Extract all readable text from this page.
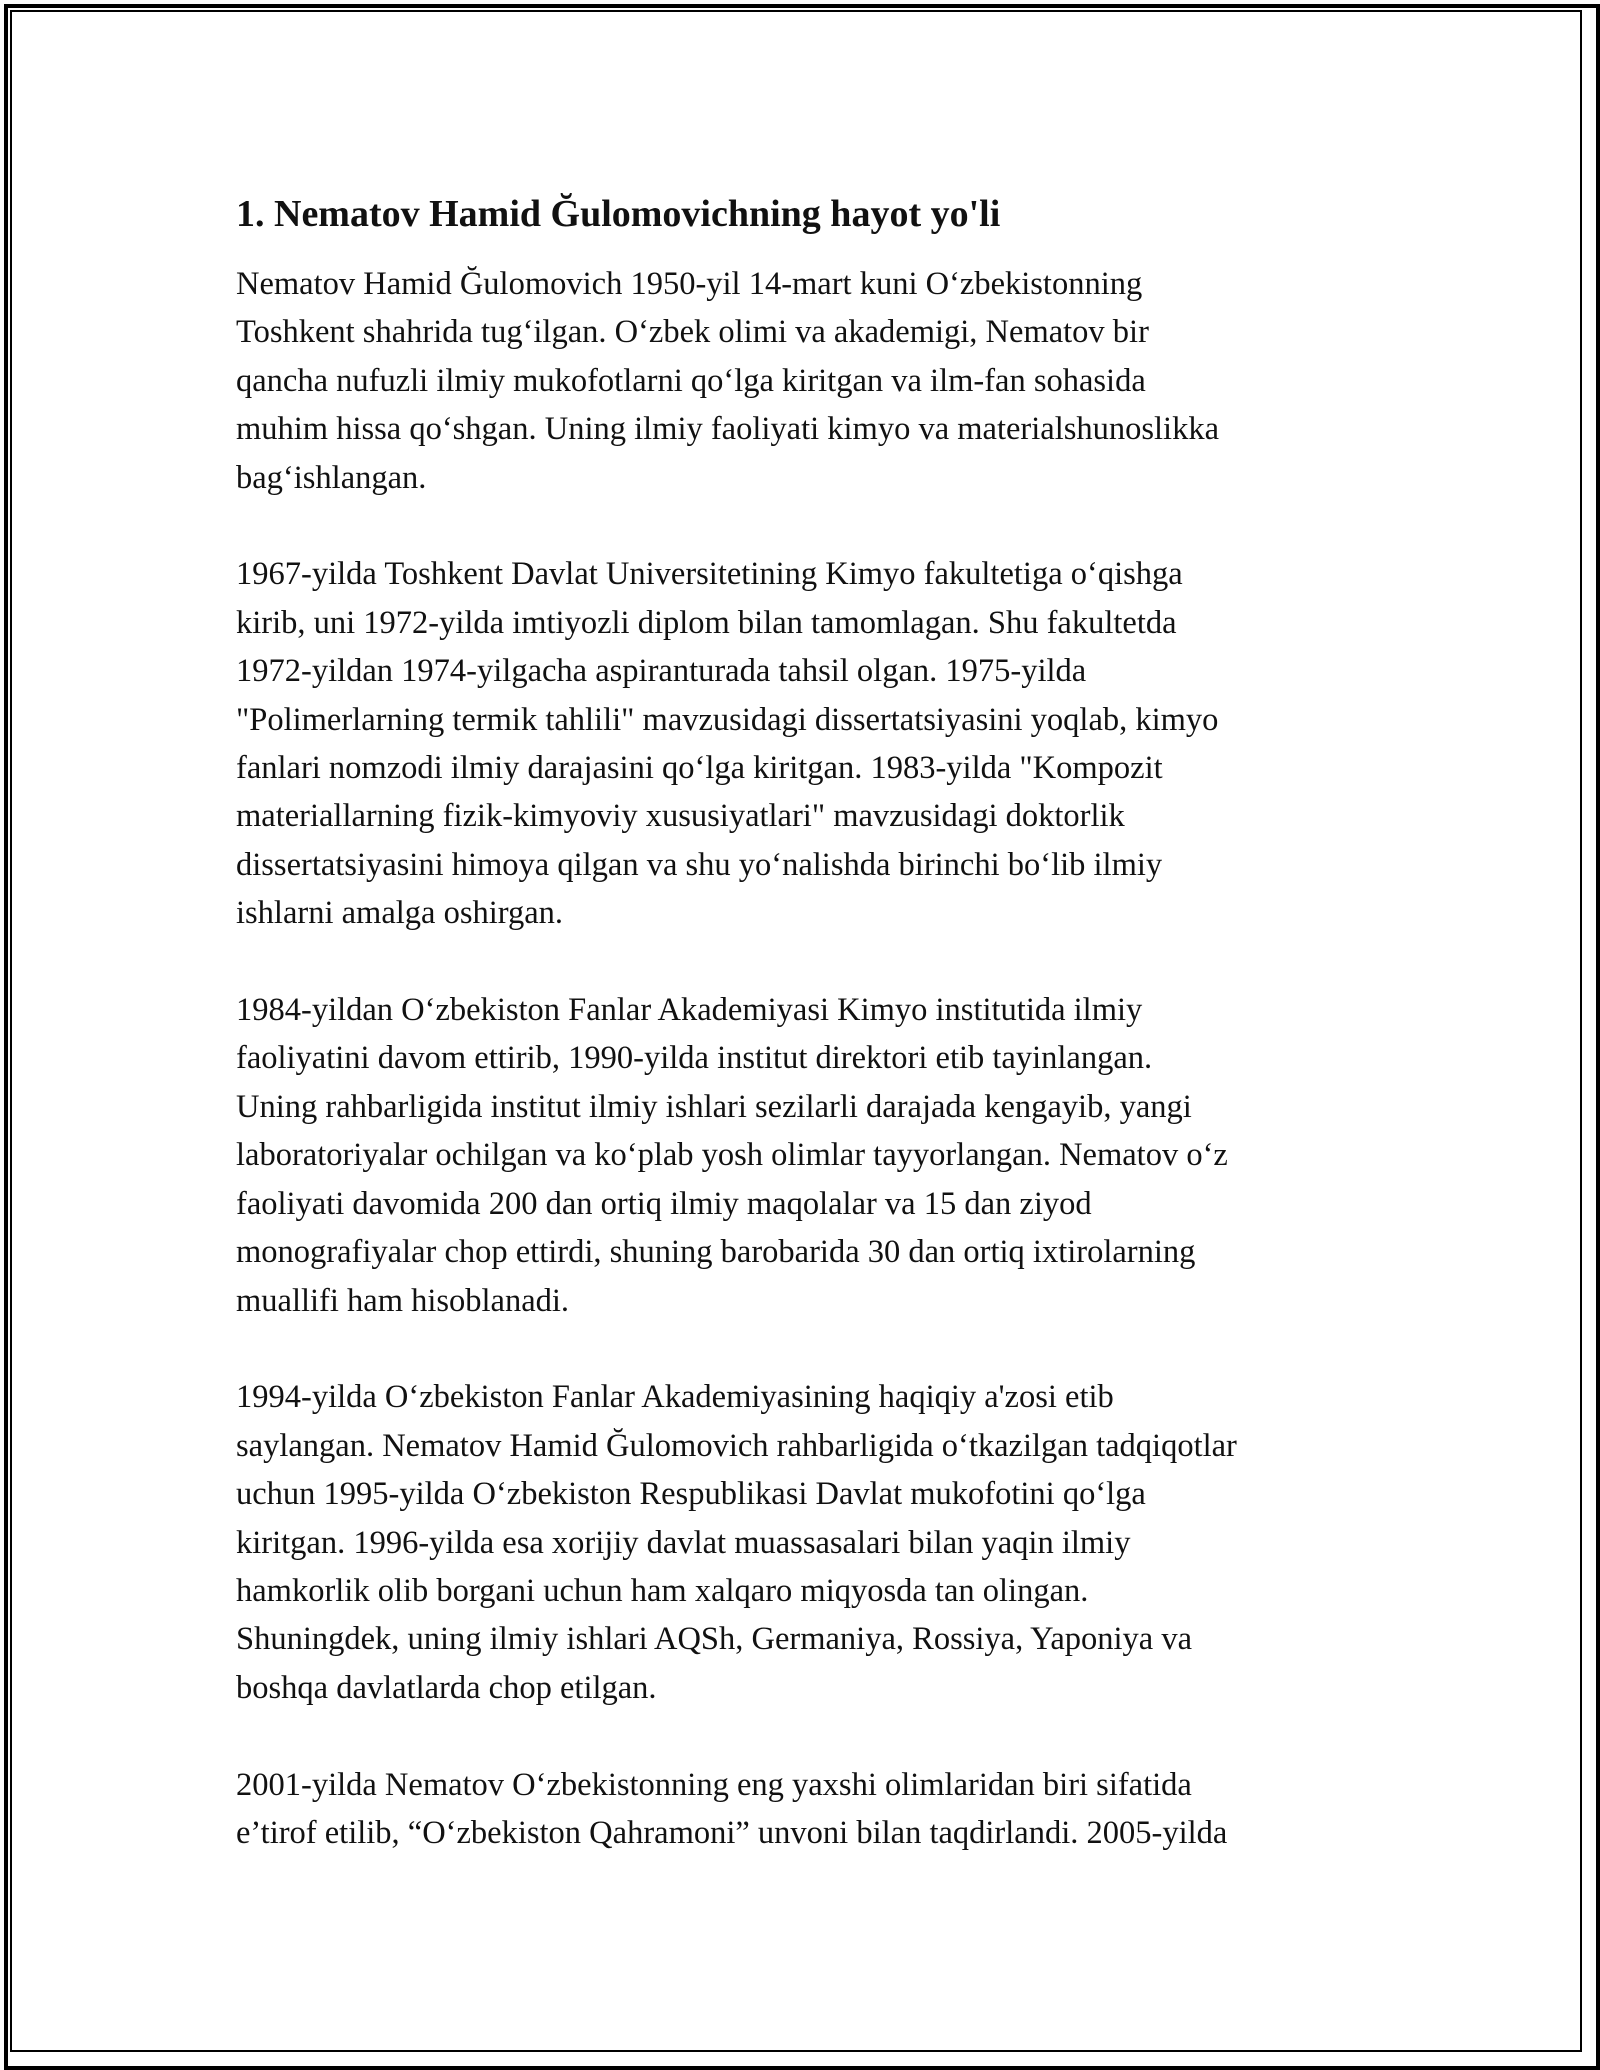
1. Nematov Hamid Ğulomovichning hayot yo'li
Nematov Hamid Ğulomovich 1950-yil 14-mart kuni O‘zbekistonning
Toshkent shahrida tug‘ilgan. O‘zbek olimi va akademigi, Nematov bir
qancha nufuzli ilmiy mukofotlarni qo‘lga kiritgan va ilm-fan sohasida
muhim hissa qo‘shgan. Uning ilmiy faoliyati kimyo va materialshunoslikka
bag‘ishlangan.
1967-yilda Toshkent Davlat Universitetining Kimyo fakultetiga o‘qishga
kirib, uni 1972-yilda imtiyozli diplom bilan tamomlagan. Shu fakultetda
1972-yildan 1974-yilgacha aspiranturada tahsil olgan. 1975-yilda
"Polimerlarning termik tahlili" mavzusidagi dissertatsiyasini yoqlab, kimyo
fanlari nomzodi ilmiy darajasini qo‘lga kiritgan. 1983-yilda "Kompozit
materiallarning fizik-kimyoviy xususiyatlari" mavzusidagi doktorlik
dissertatsiyasini himoya qilgan va shu yo‘nalishda birinchi bo‘lib ilmiy
ishlarni amalga oshirgan.
1984-yildan O‘zbekiston Fanlar Akademiyasi Kimyo institutida ilmiy
faoliyatini davom ettirib, 1990-yilda institut direktori etib tayinlangan.
Uning rahbarligida institut ilmiy ishlari sezilarli darajada kengayib, yangi
laboratoriyalar ochilgan va ko‘plab yosh olimlar tayyorlangan. Nematov o‘z
faoliyati davomida 200 dan ortiq ilmiy maqolalar va 15 dan ziyod
monografiyalar chop ettirdi, shuning barobarida 30 dan ortiq ixtirolarning
muallifi ham hisoblanadi.
1994-yilda O‘zbekiston Fanlar Akademiyasining haqiqiy a'zosi etib
saylangan. Nematov Hamid Ğulomovich rahbarligida o‘tkazilgan tadqiqotlar
uchun 1995-yilda O‘zbekiston Respublikasi Davlat mukofotini qo‘lga
kiritgan. 1996-yilda esa xorijiy davlat muassasalari bilan yaqin ilmiy
hamkorlik olib borgani uchun ham xalqaro miqyosda tan olingan.
Shuningdek, uning ilmiy ishlari AQSh, Germaniya, Rossiya, Yaponiya va
boshqa davlatlarda chop etilgan.
2001-yilda Nematov O‘zbekistonning eng yaxshi olimlaridan biri sifatida
e’tirof etilib, “O‘zbekiston Qahramoni” unvoni bilan taqdirlandi. 2005-yilda
